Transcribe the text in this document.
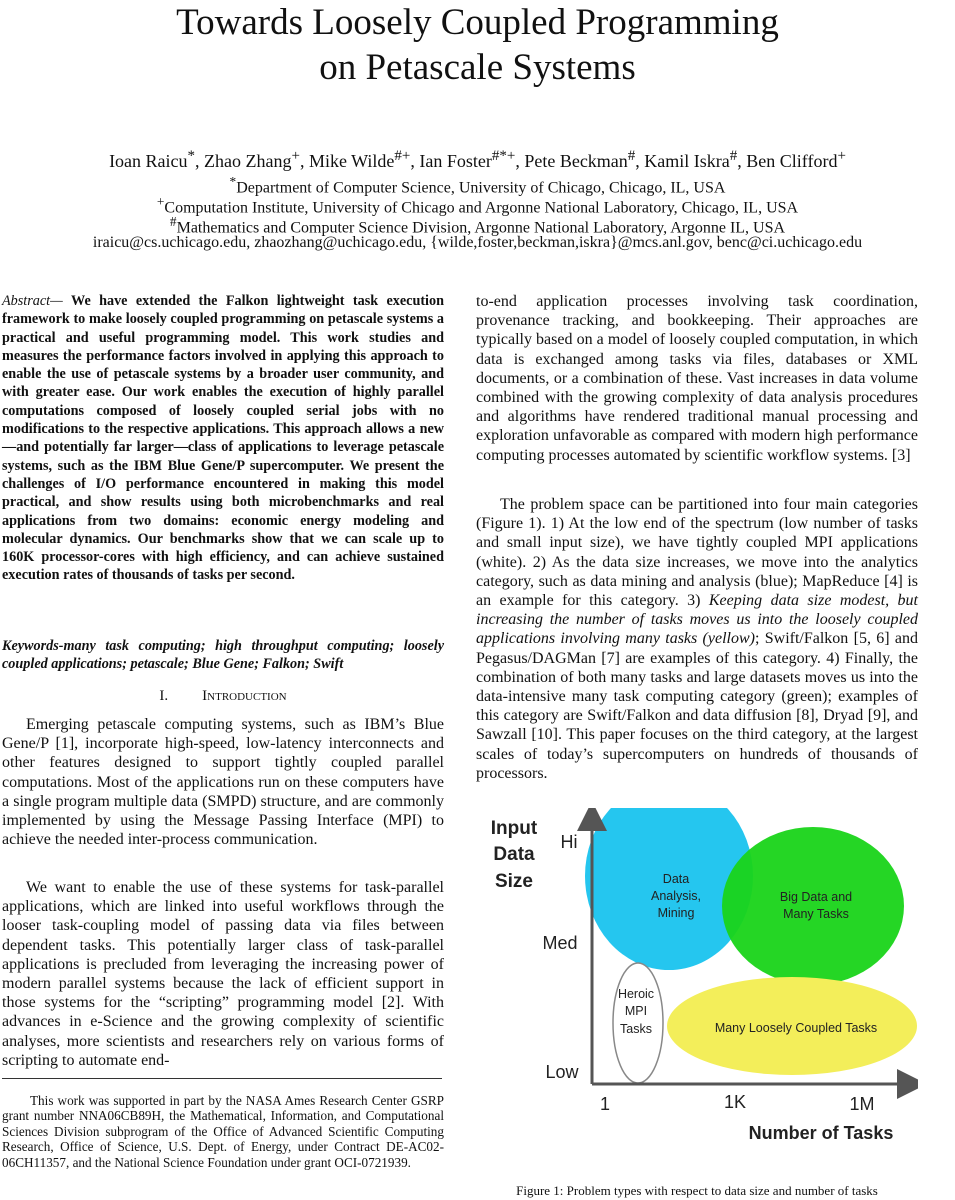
Towards Loosely Coupled Programming
on Petascale Systems
Ioan Raicu*, Zhao Zhang+, Mike Wilde#+, Ian Foster#*+, Pete Beckman#, Kamil Iskra#, Ben Clifford+
*Department of Computer Science, University of Chicago, Chicago, IL, USA
+Computation Institute, University of Chicago and Argonne National Laboratory, Chicago, IL, USA
#Mathematics and Computer Science Division, Argonne National Laboratory, Argonne IL, USA
iraicu@cs.uchicago.edu, zhaozhang@uchicago.edu, {wilde,foster,beckman,iskra}@mcs.anl.gov, benc@ci.uchicago.edu
Abstract— We have extended the Falkon lightweight task execution framework to make loosely coupled programming on petascale systems a practical and useful programming model. This work studies and measures the performance factors involved in applying this approach to enable the use of petascale systems by a broader user community, and with greater ease. Our work enables the execution of highly parallel computations composed of loosely coupled serial jobs with no modifications to the respective applications. This approach allows a new—and potentially far larger—class of applications to leverage petascale systems, such as the IBM Blue Gene/P supercomputer. We present the challenges of I/O performance encountered in making this model practical, and show results using both microbenchmarks and real applications from two domains: economic energy modeling and molecular dynamics. Our benchmarks show that we can scale up to 160K processor-cores with high efficiency, and can achieve sustained execution rates of thousands of tasks per second.
Keywords-many task computing; high throughput computing; loosely coupled applications; petascale; Blue Gene; Falkon; Swift
I. Introduction
Emerging petascale computing systems, such as IBM’s Blue Gene/P [1], incorporate high-speed, low-latency interconnects and other features designed to support tightly coupled parallel computations. Most of the applications run on these computers have a single program multiple data (SMPD) structure, and are commonly implemented by using the Message Passing Interface (MPI) to achieve the needed inter-process communication.
We want to enable the use of these systems for task-parallel applications, which are linked into useful workflows through the looser task-coupling model of passing data via files between dependent tasks. This potentially larger class of task-parallel applications is precluded from leveraging the increasing power of modern parallel systems because the lack of efficient support in those systems for the “scripting” programming model [2]. With advances in e-Science and the growing complexity of scientific analyses, more scientists and researchers rely on various forms of scripting to automate end-
to-end application processes involving task coordination, provenance tracking, and bookkeeping. Their approaches are typically based on a model of loosely coupled computation, in which data is exchanged among tasks via files, databases or XML documents, or a combination of these. Vast increases in data volume combined with the growing complexity of data analysis procedures and algorithms have rendered traditional manual processing and exploration unfavorable as compared with modern high performance computing processes automated by scientific workflow systems. [3]
The problem space can be partitioned into four main categories (Figure 1). 1) At the low end of the spectrum (low number of tasks and small input size), we have tightly coupled MPI applications (white). 2) As the data size increases, we move into the analytics category, such as data mining and analysis (blue); MapReduce [4] is an example for this category. 3) Keeping data size modest, but increasing the number of tasks moves us into the loosely coupled applications involving many tasks (yellow); Swift/Falkon [5, 6] and Pegasus/DAGMan [7] are examples of this category. 4) Finally, the combination of both many tasks and large datasets moves us into the data-intensive many task computing category (green); examples of this category are Swift/Falkon and data diffusion [8], Dryad [9], and Sawzall [10]. This paper focuses on the third category, at the largest scales of today’s supercomputers on hundreds of thousands of processors.
This work was supported in part by the NASA Ames Research Center GSRP grant number NNA06CB89H, the Mathematical, Information, and Computational Sciences Division subprogram of the Office of Advanced Scientific Computing Research, Office of Science, U.S. Dept. of Energy, under Contract DE-AC02-06CH11357, and the National Science Foundation under grant OCI-0721939.
Input
Data
Size
Hi
Med
Low
1	1K	1M
Number of Tasks
Data
Analysis,
Mining
Big Data and
Many Tasks
Heroic
MPI
Tasks	Many Loosely Coupled Tasks
Figure 1: Problem types with respect to data size and number of tasks
